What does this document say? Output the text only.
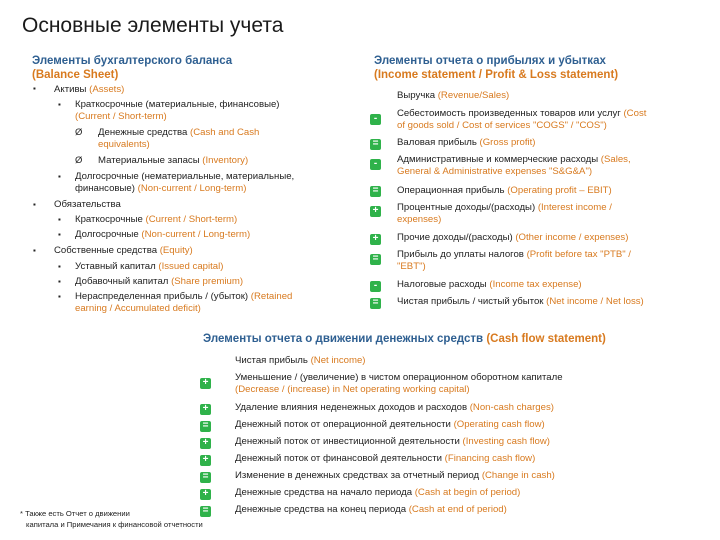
Основные элементы учета
Элементы бухгалтерского баланса
(Balance Sheet)
▪ Активы (Assets)
▪ Краткосрочные (материальные, финансовые)
(Current / Short-term)
Ø Денежные средства (Cash and Cash
equivalents)
Ø Материальные запасы (Inventory)
▪ Долгосрочные (нематериальные, материальные,
финансовые) (Non-current / Long-term)
▪ Обязательства
▪ Краткосрочные (Current / Short-term)
▪ Долгосрочные (Non-current / Long-term)
▪ Собственные средства (Equity)
▪ Уставный капитал (Issued capital)
▪ Добавочный капитал (Share premium)
▪ Нераспределенная прибыль / (убыток) (Retained
earning / Accumulated deficit)
Элементы отчета о прибылях и убытках
(Income statement / Profit & Loss statement)
Выручка (Revenue/Sales)
-	Себестоимость произведенных товаров или услуг (Cost
of goods sold / Cost of services "COGS" / "COS")
= Валовая прибыль (Gross profit)
-	Административные и коммерческие расходы (Sales,
General & Administrative expenses "S&G&A")
= Операционная прибыль (Operating profit – EBIT)
+ Процентные доходы/(расходы) (Interest income /
expenses)
+ Прочие доходы/(расходы) (Other income / expenses)
= Прибыль до уплаты налогов (Profit before tax "PTB" /
"EBT")
-	Налоговые расходы (Income tax expense)
= Чистая прибыль / чистый убыток (Net income / Net loss)
Элементы отчета о движении денежных средств (Cash flow statement)
Чистая прибыль (Net income)
+	Уменьшение / (увеличение) в чистом операционном оборотном капитале
(Decrease / (increase) in Net operating working capital)
+	Удаление влияния неденежных доходов и расходов (Non-cash charges)
=	Денежный поток от операционной деятельности (Operating cash flow)
+	Денежный поток от инвестиционной деятельности (Investing cash flow)
+	Денежный поток от финансовой деятельности (Financing cash flow)
=	Изменение в денежных средствах за отчетный период (Change in cash)
+	Денежные средства на начало периода (Cash at begin of period)
=	Денежные средства на конец периода (Cash at end of period)
* Также есть Отчет о движении
капитала и Примечания к финансовой отчетности
